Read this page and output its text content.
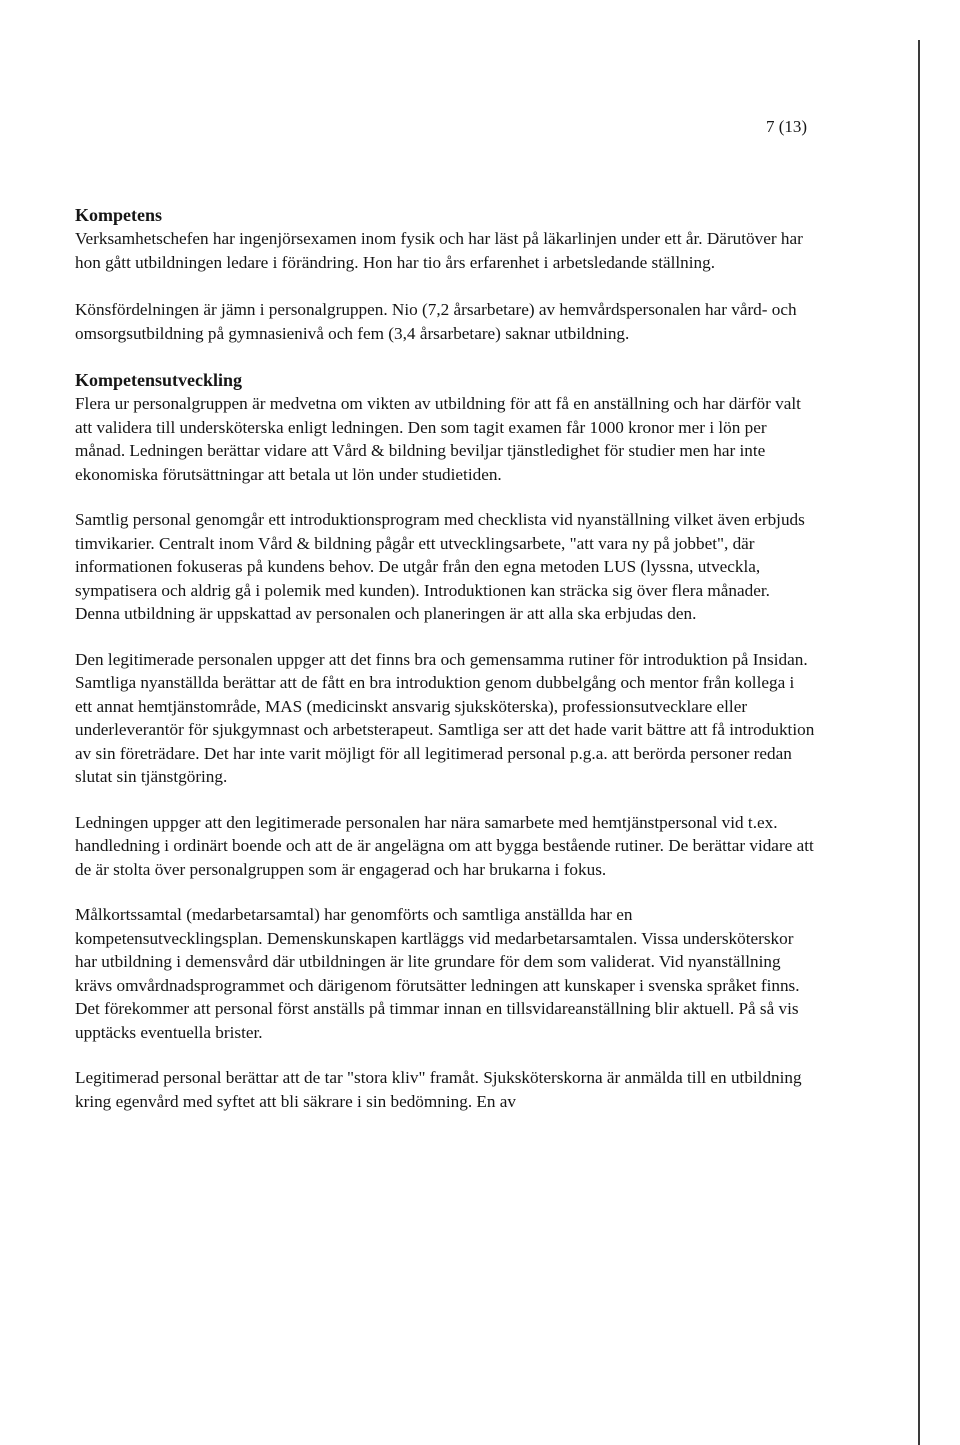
7 (13)
Kompetens

Verksamhetschefen har ingenjörsexamen inom fysik och har läst på läkarlinjen under ett år. Därutöver har hon gått utbildningen ledare i förändring. Hon har tio års erfarenhet i arbetsledande ställning.

Könsfördelningen är jämn i personalgruppen. Nio (7,2 årsarbetare) av hemvårdspersonalen har vård- och omsorgsutbildning på gymnasienivå och fem (3,4 årsarbetare) saknar utbildning.

Kompetensutveckling

Flera ur personalgruppen är medvetna om vikten av utbildning för att få en anställning och har därför valt att validera till undersköterska enligt ledningen. Den som tagit examen får 1000 kronor mer i lön per månad. Ledningen berättar vidare att Vård & bildning beviljar tjänstledighet för studier men har inte ekonomiska förutsättningar att betala ut lön under studietiden.

Samtlig personal genomgår ett introduktionsprogram med checklista vid nyanställning vilket även erbjuds timvikarier. Centralt inom Vård & bildning pågår ett utvecklingsarbete, "att vara ny på jobbet", där informationen fokuseras på kundens behov. De utgår från den egna metoden LUS (lyssna, utveckla, sympatisera och aldrig gå i polemik med kunden). Introduktionen kan sträcka sig över flera månader. Denna utbildning är uppskattad av personalen och planeringen är att alla ska erbjudas den.

Den legitimerade personalen uppger att det finns bra och gemensamma rutiner för introduktion på Insidan. Samtliga nyanställda berättar att de fått en bra introduktion genom dubbelgång och mentor från kollega i ett annat hemtjänstområde, MAS (medicinskt ansvarig sjuksköterska), professionsutvecklare eller underleverantör för sjukgymnast och arbetsterapeut. Samtliga ser att det hade varit bättre att få introduktion av sin företrädare. Det har inte varit möjligt för all legitimerad personal p.g.a. att berörda personer redan slutat sin tjänstgöring.

Ledningen uppger att den legitimerade personalen har nära samarbete med hemtjänstpersonal vid t.ex. handledning i ordinärt boende och att de är angelägna om att bygga bestående rutiner. De berättar vidare att de är stolta över personalgruppen som är engagerad och har brukarna i fokus.

Målkortssamtal (medarbetarsamtal) har genomförts och samtliga anställda har en kompetensutvecklingsplan. Demenskunskapen kartläggs vid medarbetarsamtalen. Vissa undersköterskor har utbildning i demensvård där utbildningen är lite grundare för dem som validerat. Vid nyanställning krävs omvårdnadsprogrammet och därigenom förutsätter ledningen att kunskaper i svenska språket finns. Det förekommer att personal först anställs på timmar innan en tillsvidareanställning blir aktuell. På så vis upptäcks eventuella brister.

Legitimerad personal berättar att de tar "stora kliv" framåt. Sjuksköterskorna är anmälda till en utbildning kring egenvård med syftet att bli säkrare i sin bedömning. En av
